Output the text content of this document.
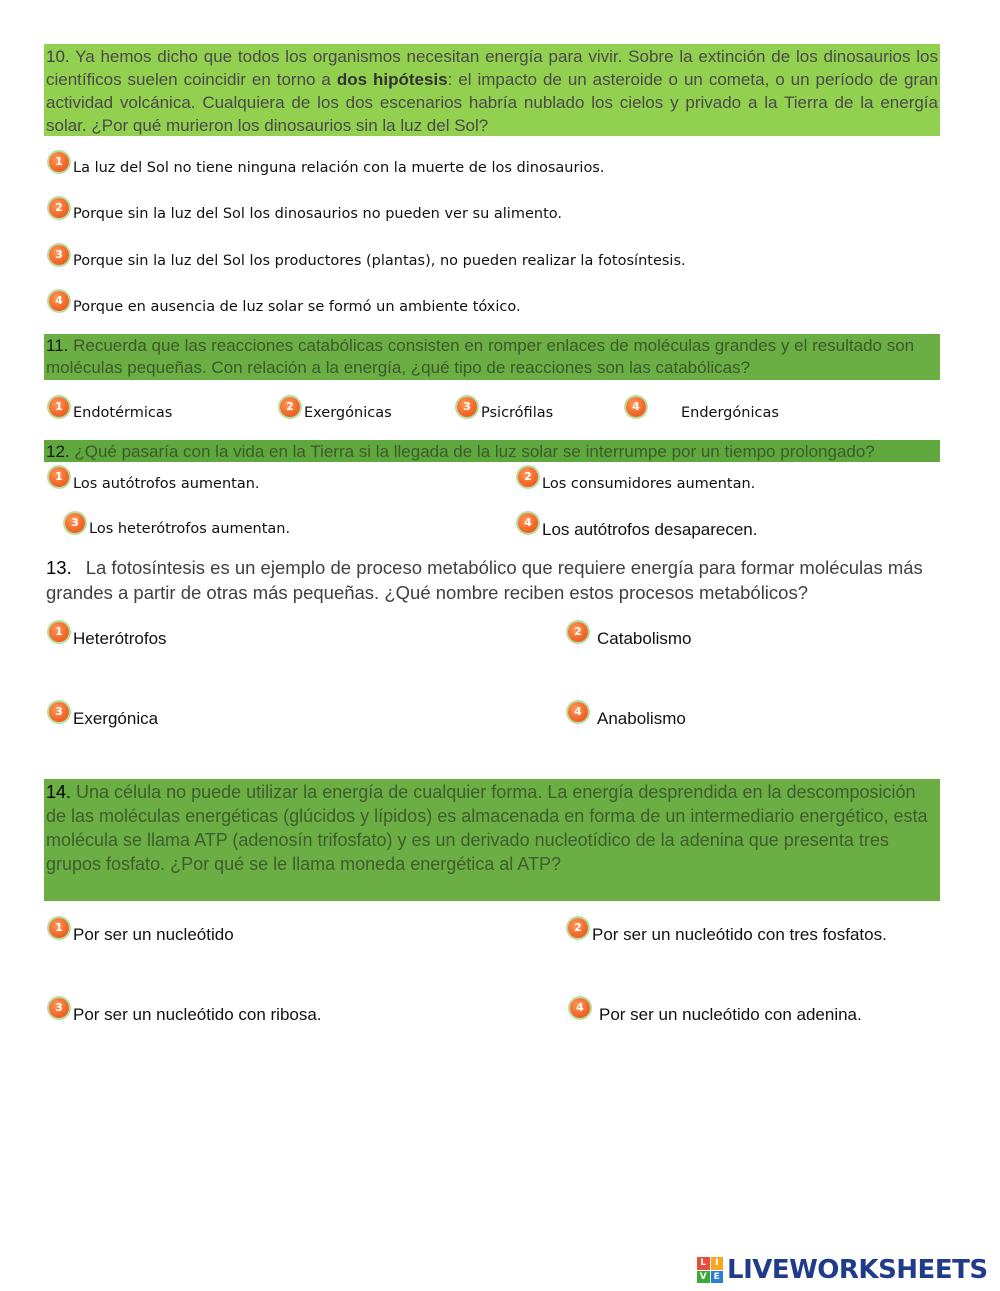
10. Ya hemos dicho que todos los organismos necesitan energía para vivir. Sobre la extinción de los dinosaurios los científicos suelen coincidir en torno a dos hipótesis: el impacto de un asteroide o un cometa, o un período de gran actividad volcánica. Cualquiera de los dos escenarios habría nublado los cielos y privado a la Tierra de la energía solar. ¿Por qué murieron los dinosaurios sin la luz del Sol?
1 La luz del Sol no tiene ninguna relación con la muerte de los dinosaurios.
2 Porque sin la luz del Sol los dinosaurios no pueden ver su alimento.
3 Porque sin la luz del Sol los productores (plantas), no pueden realizar la fotosíntesis.
4 Porque en ausencia de luz solar se formó un ambiente tóxico.
11. Recuerda que las reacciones catabólicas consisten en romper enlaces de moléculas grandes y el resultado son moléculas pequeñas. Con relación a la energía, ¿qué tipo de reacciones son las catabólicas?
1 Endotérmicas	2 Exergónicas	3 Psicrófilas	4	Endergónicas
12. ¿Qué pasaría con la vida en la Tierra si la llegada de la luz solar se interrumpe por un tiempo prolongado?
1 Los autótrofos aumentan.	2 Los consumidores aumentan.
3 Los heterótrofos aumentan.	4 Los autótrofos desaparecen.
13. La fotosíntesis es un ejemplo de proceso metabólico que requiere energía para formar moléculas más grandes a partir de otras más pequeñas. ¿Qué nombre reciben estos procesos metabólicos?
1 Heterótrofos	2 Catabolismo
3 Exergónica	4 Anabolismo
14. Una célula no puede utilizar la energía de cualquier forma. La energía desprendida en la descomposición de las moléculas energéticas (glúcidos y lípidos) es almacenada en forma de un intermediario energético, esta molécula se llama ATP (adenosín trifosfato) y es un derivado nucleotídico de la adenina que presenta tres grupos fosfato. ¿Por qué se le llama moneda energética al ATP?
1 Por ser un nucleótido	2 Por ser un nucleótido con tres fosfatos.
3 Por ser un nucleótido con ribosa.	4 Por ser un nucleótido con adenina.
L I
V E LIVEWORKSHEETS
